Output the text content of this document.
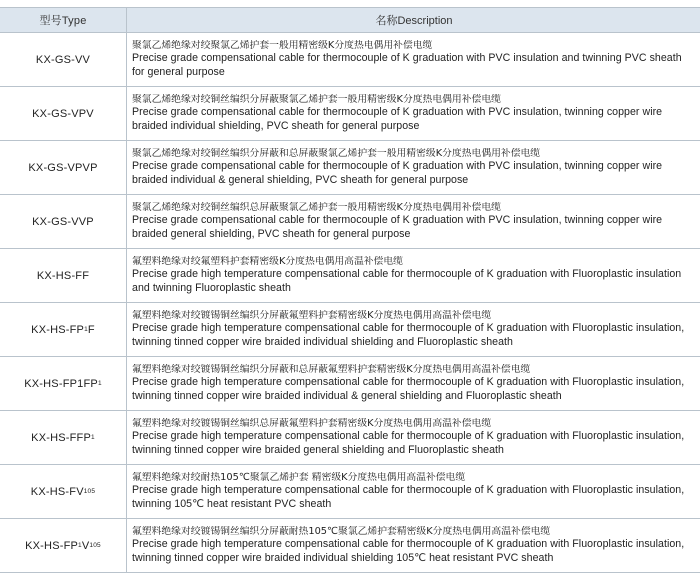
型号Type	名称Description
KX-GS-VV
聚氯乙烯绝缘对绞聚氯乙烯护套一般用精密级K分度热电偶用补偿电缆
Precise grade compensational cable for thermocouple of K graduation with PVC insulation and twinning PVC sheath for general purpose
KX-GS-VPV
聚氯乙烯绝缘对绞铜丝编织分屏蔽聚氯乙烯护套一般用精密级K分度热电偶用补偿电缆
Precise grade compensational cable for thermocouple of K graduation with PVC insulation, twinning copper wire braided individual shielding, PVC sheath for general purpose
KX-GS-VPVP
聚氯乙烯绝缘对绞铜丝编织分屏蔽和总屏蔽聚氯乙烯护套一般用精密级K分度热电偶用补偿电缆
Precise grade compensational cable for thermocouple of K graduation with PVC insulation, twinning copper wire braided individual & general shielding, PVC sheath for general purpose
KX-GS-VVP
聚氯乙烯绝缘对绞铜丝编织总屏蔽聚氯乙烯护套一般用精密级K分度热电偶用补偿电缆
Precise grade compensational cable for thermocouple of K graduation with PVC insulation, twinning copper wire braided general shielding, PVC sheath for general purpose
KX-HS-FF
氟塑料绝缘对绞氟塑料护套精密级K分度热电偶用高温补偿电缆
Precise grade high temperature compensational cable for thermocouple of K graduation with Fluoroplastic insulation and twinning Fluoroplastic sheath
KX-HS-FP 1 F
氟塑料绝缘对绞镀锡铜丝编织分屏蔽氟塑料护套精密级K分度热电偶用高温补偿电缆
Precise grade high temperature compensational cable for thermocouple of K graduation with Fluoroplastic insulation, twinning tinned copper wire braided individual shielding and Fluoroplastic sheath
KX-HS-FP1FP 1
氟塑料绝缘对绞镀锡铜丝编织分屏蔽和总屏蔽氟塑料护套精密级K分度热电偶用高温补偿电缆
Precise grade high temperature compensational cable for thermocouple of K graduation with Fluoroplastic insulation, twinning tinned copper wire braided individual & general shielding and Fluoroplastic sheath
KX-HS-FFP 1
氟塑料绝缘对绞镀锡铜丝编织总屏蔽氟塑料护套精密级K分度热电偶用高温补偿电缆
Precise grade high temperature compensational cable for thermocouple of K graduation with Fluoroplastic insulation, twinning tinned copper wire braided general shielding and Fluoroplastic sheath
KX-HS-FV 105
氟塑料绝缘对绞耐热105℃聚氯乙烯护套 精密级K分度热电偶用高温补偿电缆
Precise grade high temperature compensational cable for thermocouple of K graduation with Fluoroplastic insulation, twinning 105℃ heat resistant PVC sheath
KX-HS-FP 1 V 105
氟塑料绝缘对绞镀锡铜丝编织分屏蔽耐热105℃聚氯乙烯护套精密级K分度热电偶用高温补偿电缆
Precise grade high temperature compensational cable for thermocouple of K graduation with Fluoroplastic insulation, twinning tinned copper wire braided individual shielding 105℃ heat resistant PVC sheath
